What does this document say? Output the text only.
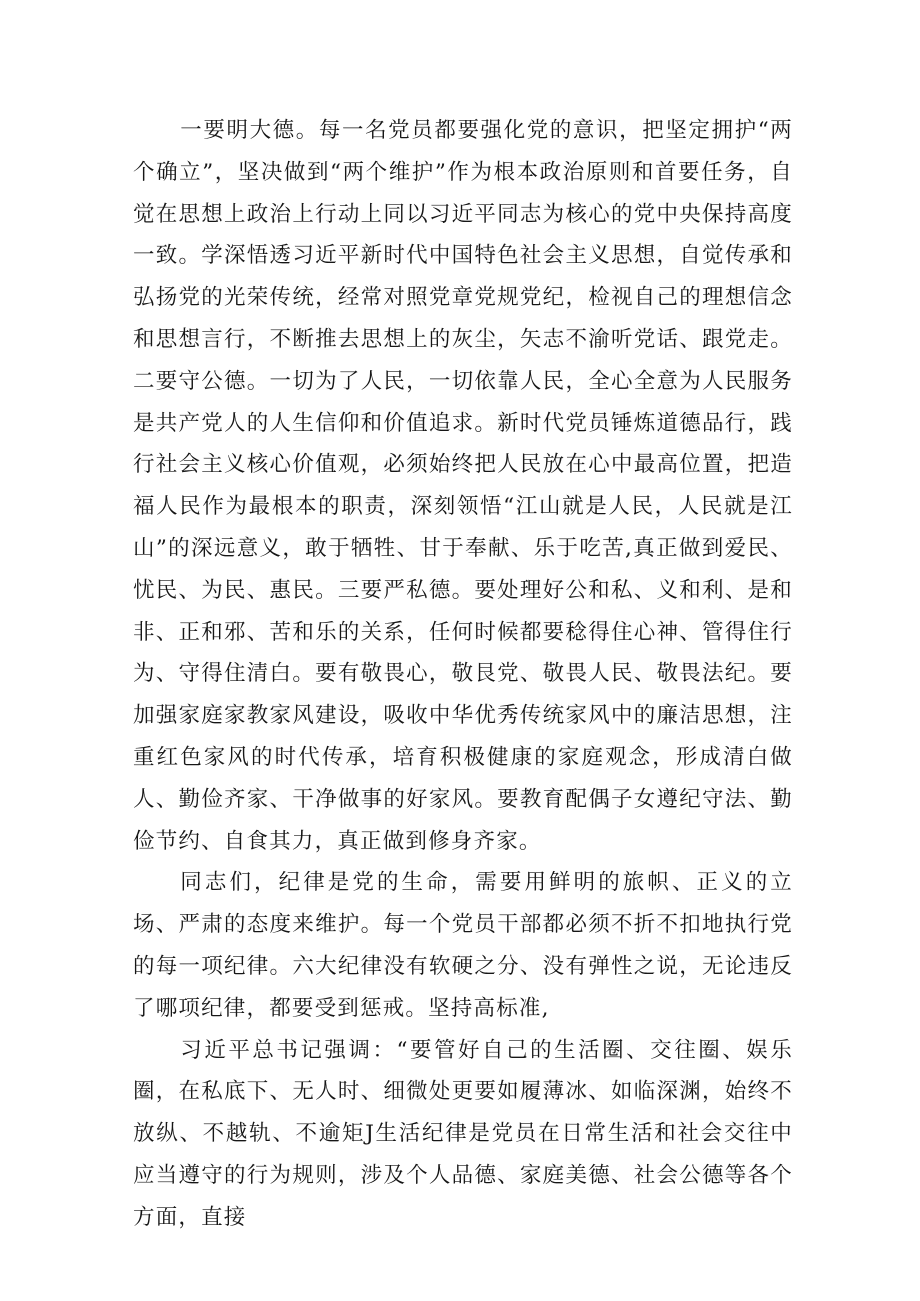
一要明大德。每一名党员都要强化党的意识，把坚定拥护“两个确立”，坚决做到“两个维护”作为根本政治原则和首要任务，自觉在思想上政治上行动上同以习近平同志为核心的党中央保持高度一致。学深悟透习近平新时代中国特色社会主义思想，自觉传承和弘扬党的光荣传统，经常对照党章党规党纪，检视自己的理想信念和思想言行，不断推去思想上的灰尘，矢志不渝听党话、跟党走。二要守公德。一切为了人民，一切依靠人民，全心全意为人民服务是共产党人的人生信仰和价值追求。新时代党员锤炼道德品行，践行社会主义核心价值观，必须始终把人民放在心中最高位置，把造福人民作为最根本的职责，深刻领悟“江山就是人民，人民就是江山”的深远意义，敢于牺牲、甘于奉献、乐于吃苦,真正做到爱民、忧民、为民、惠民。三要严私德。要处理好公和私、义和利、是和非、正和邪、苦和乐的关系，任何时候都要稔得住心神、管得住行为、守得住清白。要有敬畏心，敬艮党、敬畏人民、敬畏法纪。要加强家庭家教家风建设，吸收中华优秀传统家风中的廉洁思想，注重红色家风的时代传承，培育积极健康的家庭观念，形成清白做人、勤俭齐家、干净做事的好家风。要教育配偶子女遵纪守法、勤俭节约、自食其力，真正做到修身齐家。

同志们，纪律是党的生命，需要用鲜明的旅帜、正义的立场、严肃的态度来维护。每一个党员干部都必须不折不扣地执行党的每一项纪律。六大纪律没有软硬之分、没有弹性之说，无论违反了哪项纪律，都要受到惩戒。坚持高标准,

习近平总书记强调：“要管好自己的生活圈、交往圈、娱乐圈，在私底下、无人时、细微处更要如履薄冰、如临深渊，始终不放纵、不越轨、不逾矩J生活纪律是党员在日常生活和社会交往中应当遵守的行为规则，涉及个人品德、家庭美德、社会公德等各个方面，直接
